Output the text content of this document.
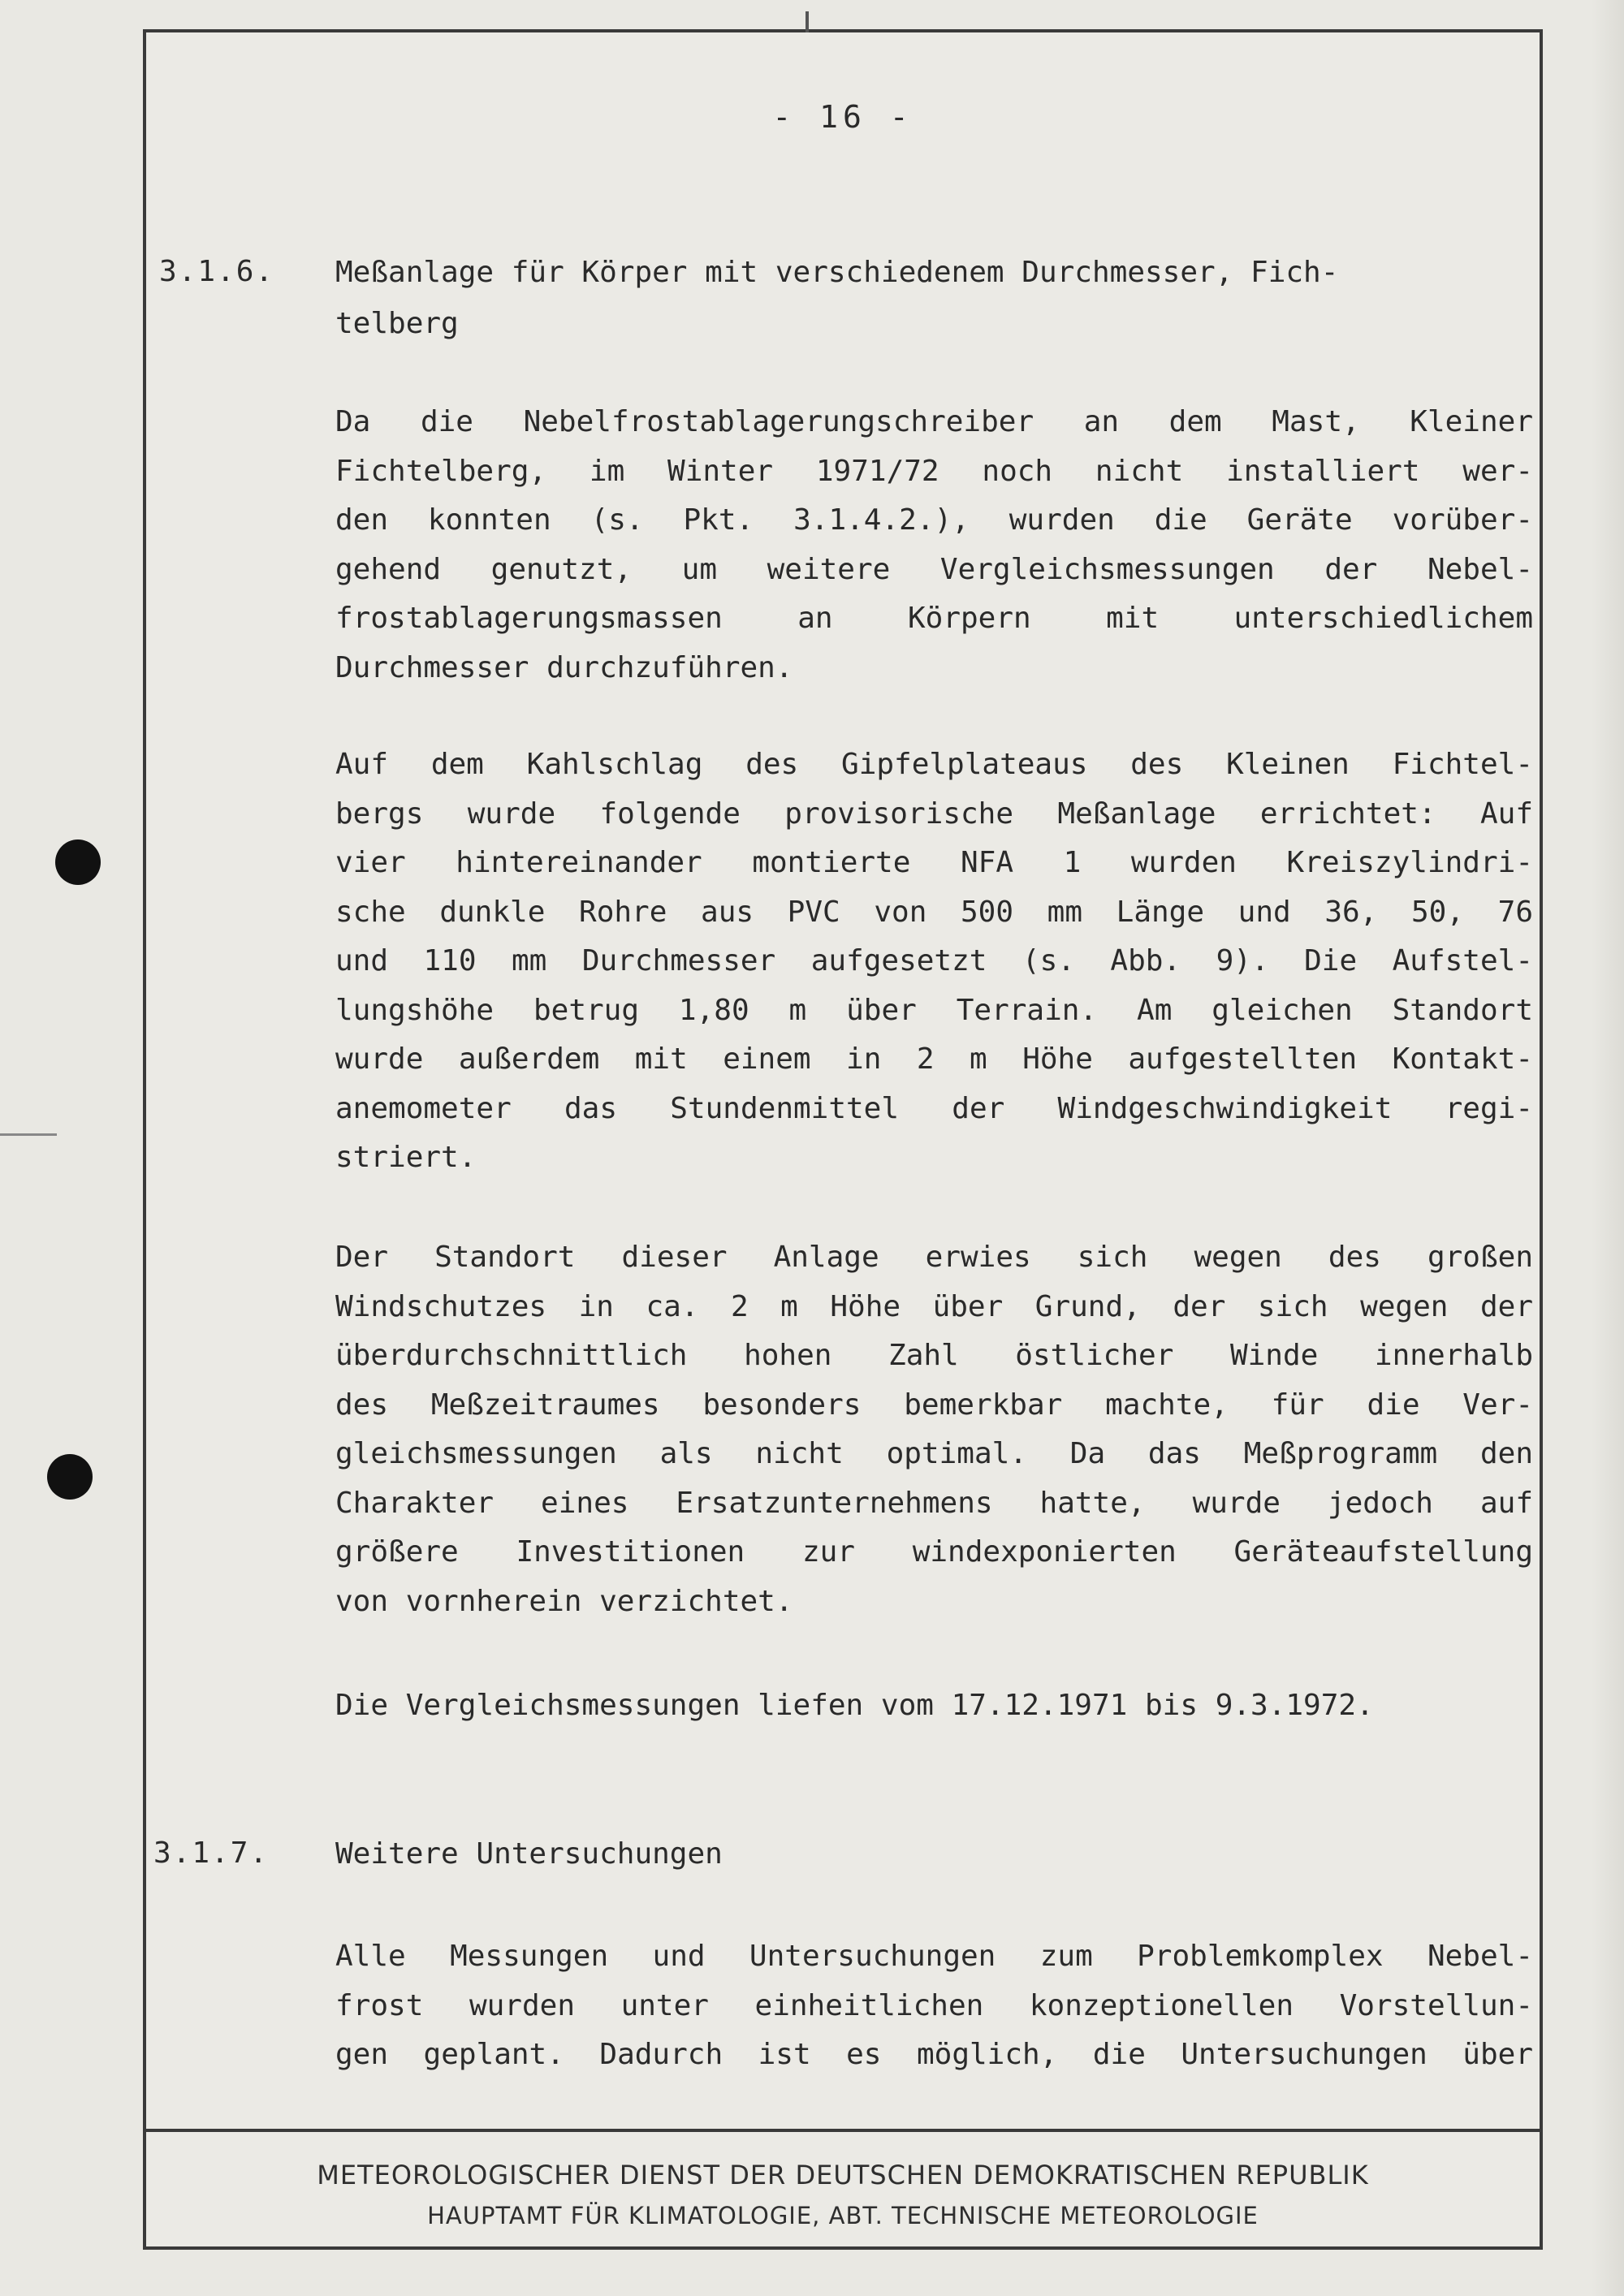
- 16 -
3.1.6. Meßanlage für Körper mit verschiedenem Durchmesser, Fich-
telberg
Da die Nebelfrostablagerungschreiber an dem Mast, Kleiner
Fichtelberg, im Winter 1971/72 noch nicht installiert wer-
den konnten (s. Pkt. 3.1.4.2.), wurden die Geräte vorüber-
gehend genutzt, um weitere Vergleichsmessungen der Nebel-
frostablagerungsmassen an Körpern mit unterschiedlichem
Durchmesser durchzuführen.
Auf dem Kahlschlag des Gipfelplateaus des Kleinen Fichtel-
bergs wurde folgende provisorische Meßanlage errichtet: Auf
vier hintereinander montierte NFA 1 wurden Kreiszylindri-
sche dunkle Rohre aus PVC von 500 mm Länge und 36, 50, 76
und 110 mm Durchmesser aufgesetzt (s. Abb. 9). Die Aufstel-
lungshöhe betrug 1,80 m über Terrain. Am gleichen Standort
wurde außerdem mit einem in 2 m Höhe aufgestellten Kontakt-
anemometer das Stundenmittel der Windgeschwindigkeit regi-
striert.
Der Standort dieser Anlage erwies sich wegen des großen
Windschutzes in ca. 2 m Höhe über Grund, der sich wegen der
überdurchschnittlich hohen Zahl östlicher Winde innerhalb
des Meßzeitraumes besonders bemerkbar machte, für die Ver-
gleichsmessungen als nicht optimal. Da das Meßprogramm den
Charakter eines Ersatzunternehmens hatte, wurde jedoch auf
größere Investitionen zur windexponierten Geräteaufstellung
von vornherein verzichtet.
Die Vergleichsmessungen liefen vom 17.12.1971 bis 9.3.1972.
3.1.7. Weitere Untersuchungen
Alle Messungen und Untersuchungen zum Problemkomplex Nebel-
frost wurden unter einheitlichen konzeptionellen Vorstellun-
gen geplant. Dadurch ist es möglich, die Untersuchungen über
METEOROLOGISCHER DIENST DER DEUTSCHEN DEMOKRATISCHEN REPUBLIK
HAUPTAMT FÜR KLIMATOLOGIE, ABT. TECHNISCHE METEOROLOGIE
